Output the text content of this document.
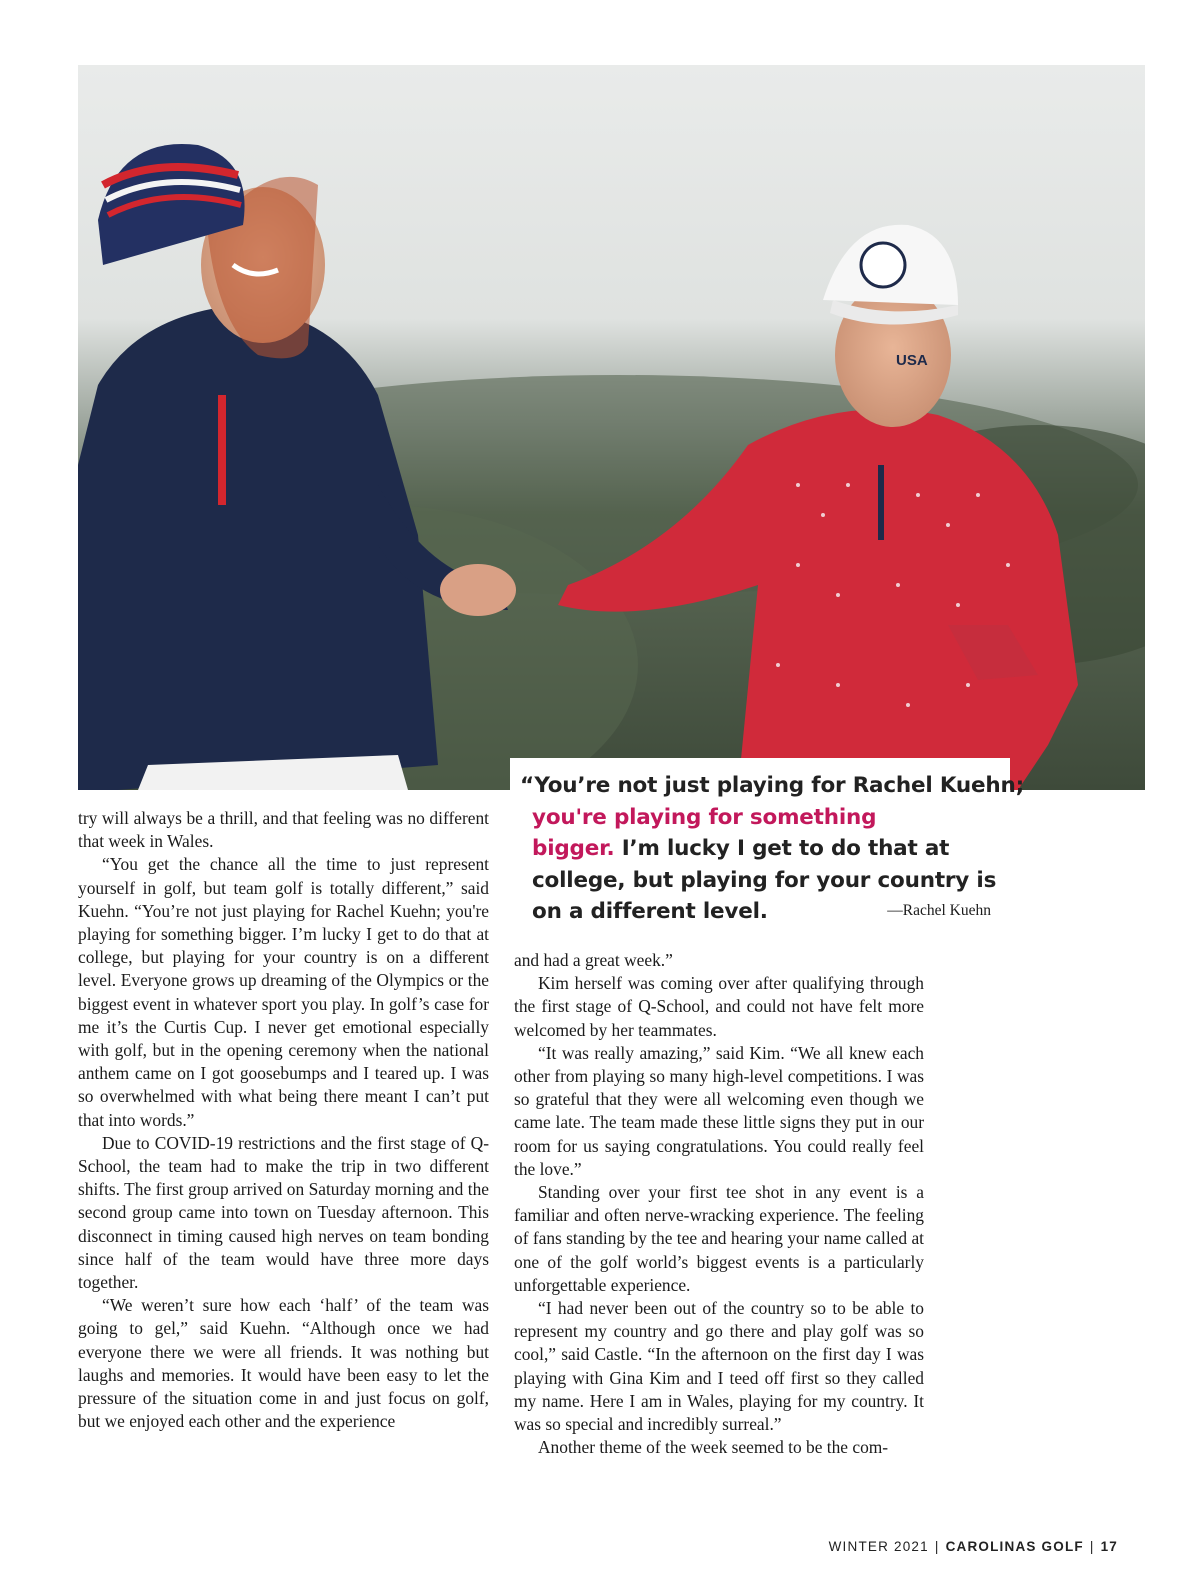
USA
“You’re not just playing for Rachel Kuehn;
you're playing for something
bigger. I’m lucky I get to do that at
college, but playing for your country is
on a different level.	—Rachel Kuehn

try will always be a thrill, and that feeling was no different that week in Wales.

“You get the chance all the time to just represent yourself in golf, but team golf is totally different,” said Kuehn. “You’re not just playing for Rachel Kuehn; you're playing for something bigger. I’m lucky I get to do that at college, but playing for your country is on a different level. Everyone grows up dreaming of the Olympics or the biggest event in whatever sport you play. In golf’s case for me it’s the Curtis Cup. I never get emotional especially with golf, but in the opening ceremony when the national anthem came on I got goosebumps and I teared up. I was so overwhelmed with what being there meant I can’t put that into words.”

Due to COVID-19 restrictions and the first stage of Q-School, the team had to make the trip in two different shifts. The first group arrived on Saturday morning and the second group came into town on Tuesday afternoon. This disconnect in timing caused high nerves on team bonding since half of the team would have three more days together.

“We weren’t sure how each ‘half’ of the team was going to gel,” said Kuehn. “Although once we had everyone there we were all friends. It was nothing but laughs and memories. It would have been easy to let the pressure of the situation come in and just focus on golf, but we enjoyed each other and the experience

and had a great week.”

Kim herself was coming over after qualifying through the first stage of Q-School, and could not have felt more welcomed by her teammates.

“It was really amazing,” said Kim. “We all knew each other from playing so many high-level competitions. I was so grateful that they were all welcoming even though we came late. The team made these little signs they put in our room for us saying congratulations. You could really feel the love.”

Standing over your first tee shot in any event is a familiar and often nerve-wracking experience. The feeling of fans standing by the tee and hearing your name called at one of the golf world’s biggest events is a particularly unforgettable experience.

“I had never been out of the country so to be able to represent my country and go there and play golf was so cool,” said Castle. “In the afternoon on the first day I was playing with Gina Kim and I teed off first so they called my name. Here I am in Wales, playing for my country. It was so special and incredibly surreal.”

Another theme of the week seemed to be the com-

WINTER 2021 | CAROLINAS GOLF | 17
